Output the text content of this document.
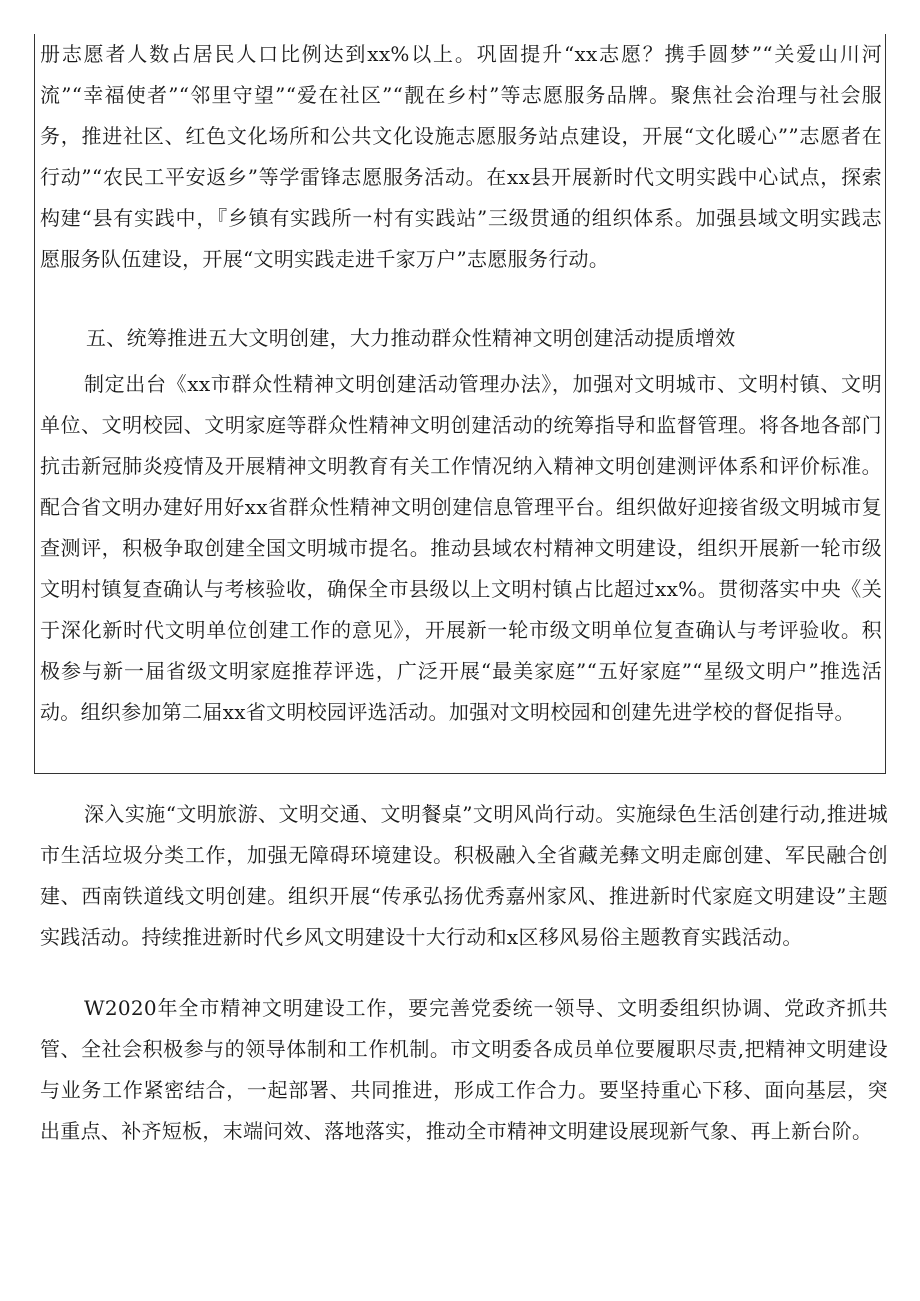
册志愿者人数占居民人口比例达到xx%以上。巩固提升“xx志愿？携手圆梦”“关爱山川河流”“幸福使者”“邻里守望”“爱在社区”“靓在乡村”等志愿服务品牌。聚焦社会治理与社会服务，推进社区、红色文化场所和公共文化设施志愿服务站点建设，开展“文化暖心””志愿者在行动”“农民工平安返乡”等学雷锋志愿服务活动。在xx县开展新时代文明实践中心试点，探索构建“县有实践中，『乡镇有实践所一村有实践站”三级贯通的组织体系。加强县域文明实践志愿服务队伍建设，开展“文明实践走进千家万户”志愿服务行动。

五、统筹推进五大文明创建，大力推动群众性精神文明创建活动提质增效

制定出台《xx市群众性精神文明创建活动管理办法》，加强对文明城市、文明村镇、文明单位、文明校园、文明家庭等群众性精神文明创建活动的统筹指导和监督管理。将各地各部门抗击新冠肺炎疫情及开展精神文明教育有关工作情况纳入精神文明创建测评体系和评价标准。配合省文明办建好用好xx省群众性精神文明创建信息管理平台。组织做好迎接省级文明城市复查测评，积极争取创建全国文明城市提名。推动县域农村精神文明建设，组织开展新一轮市级文明村镇复查确认与考核验收，确保全市县级以上文明村镇占比超过xx%。贯彻落实中央《关于深化新时代文明单位创建工作的意见》，开展新一轮市级文明单位复查确认与考评验收。积极参与新一届省级文明家庭推荐评选，广泛开展“最美家庭”“五好家庭”“星级文明户”推选活动。组织参加第二届xx省文明校园评选活动。加强对文明校园和创建先进学校的督促指导。

深入实施“文明旅游、文明交通、文明餐桌”文明风尚行动。实施绿色生活创建行动,推进城市生活垃圾分类工作，加强无障碍环境建设。积极融入全省藏羌彝文明走廊创建、军民融合创建、西南铁道线文明创建。组织开展“传承弘扬优秀嘉州家风、推进新时代家庭文明建设”主题实践活动。持续推进新时代乡风文明建设十大行动和x区移风易俗主题教育实践活动。

W2020年全市精神文明建设工作，要完善党委统一领导、文明委组织协调、党政齐抓共管、全社会积极参与的领导体制和工作机制。市文明委各成员单位要履职尽责,把精神文明建设与业务工作紧密结合，一起部署、共同推进，形成工作合力。要坚持重心下移、面向基层，突出重点、补齐短板，末端问效、落地落实，推动全市精神文明建设展现新气象、再上新台阶。
